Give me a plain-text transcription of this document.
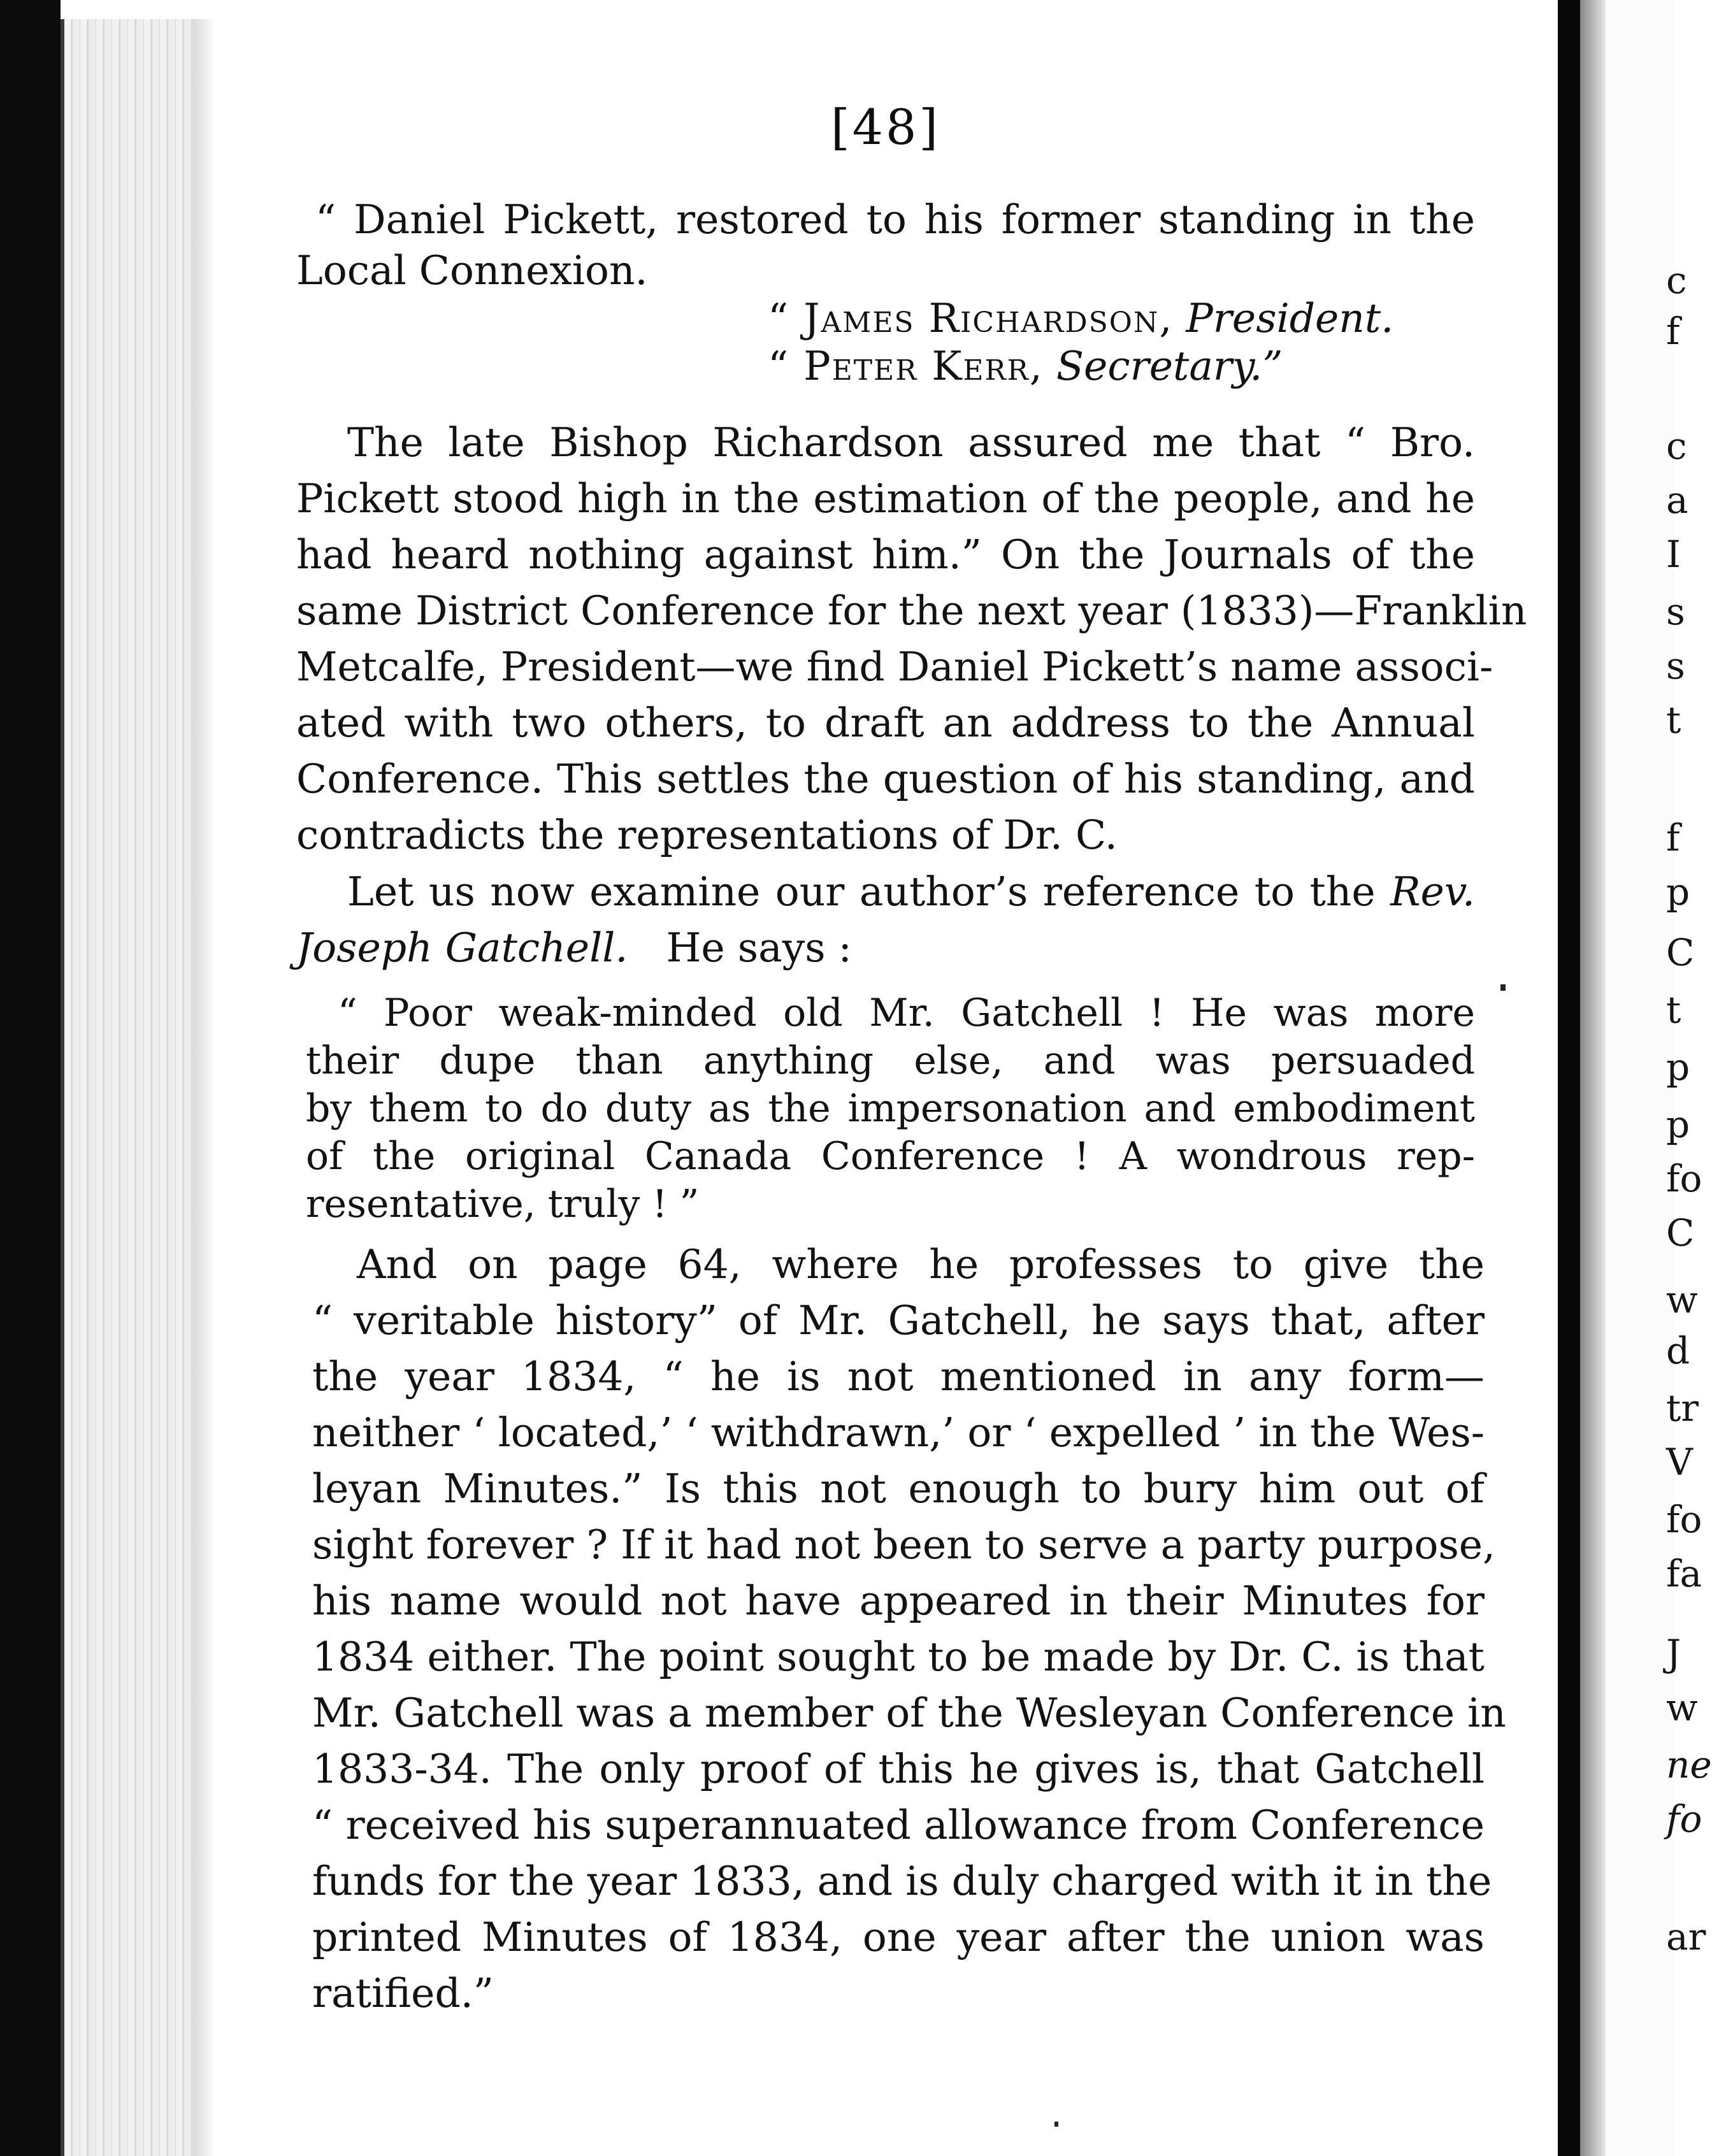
[48]
“ Daniel Pickett, restored to his former standing in the
Local Connexion.
“ James Richardson, President.
“ Peter Kerr, Secretary.”
The late Bishop Richardson assured me that “ Bro.
Pickett stood high in the estimation of the people, and he
had heard nothing against him.” On the Journals of the
same District Conference for the next year (1833)—Franklin
Metcalfe, President—we find Daniel Pickett’s name associ-
ated with two others, to draft an address to the Annual
Conference. This settles the question of his standing, and
contradicts the representations of Dr. C.
Let us now examine our author’s reference to the Rev.
Joseph Gatchell. He says :
“ Poor weak-minded old Mr. Gatchell ! He was more
their dupe than anything else, and was persuaded
by them to do duty as the impersonation and embodiment
of the original Canada Conference ! A wondrous rep-
resentative, truly ! ”
And on page 64, where he professes to give the
“ veritable history” of Mr. Gatchell, he says that, after
the year 1834, “ he is not mentioned in any form—
neither ‘ located,’ ‘ withdrawn,’ or ‘ expelled ’ in the Wes-
leyan Minutes.” Is this not enough to bury him out of
sight forever ? If it had not been to serve a party purpose,
his name would not have appeared in their Minutes for
1834 either. The point sought to be made by Dr. C. is that
Mr. Gatchell was a member of the Wesleyan Conference in
1833-34. The only proof of this he gives is, that Gatchell
“ received his superannuated allowance from Conference
funds for the year 1833, and is duly charged with it in the
printed Minutes of 1834, one year after the union was
ratified.”
c
f
c
a
I
s
s
t
f
p
C
t
p
p
fo
C
w
d
tr
V
fo
fa
J
w
ne
fo
ar
